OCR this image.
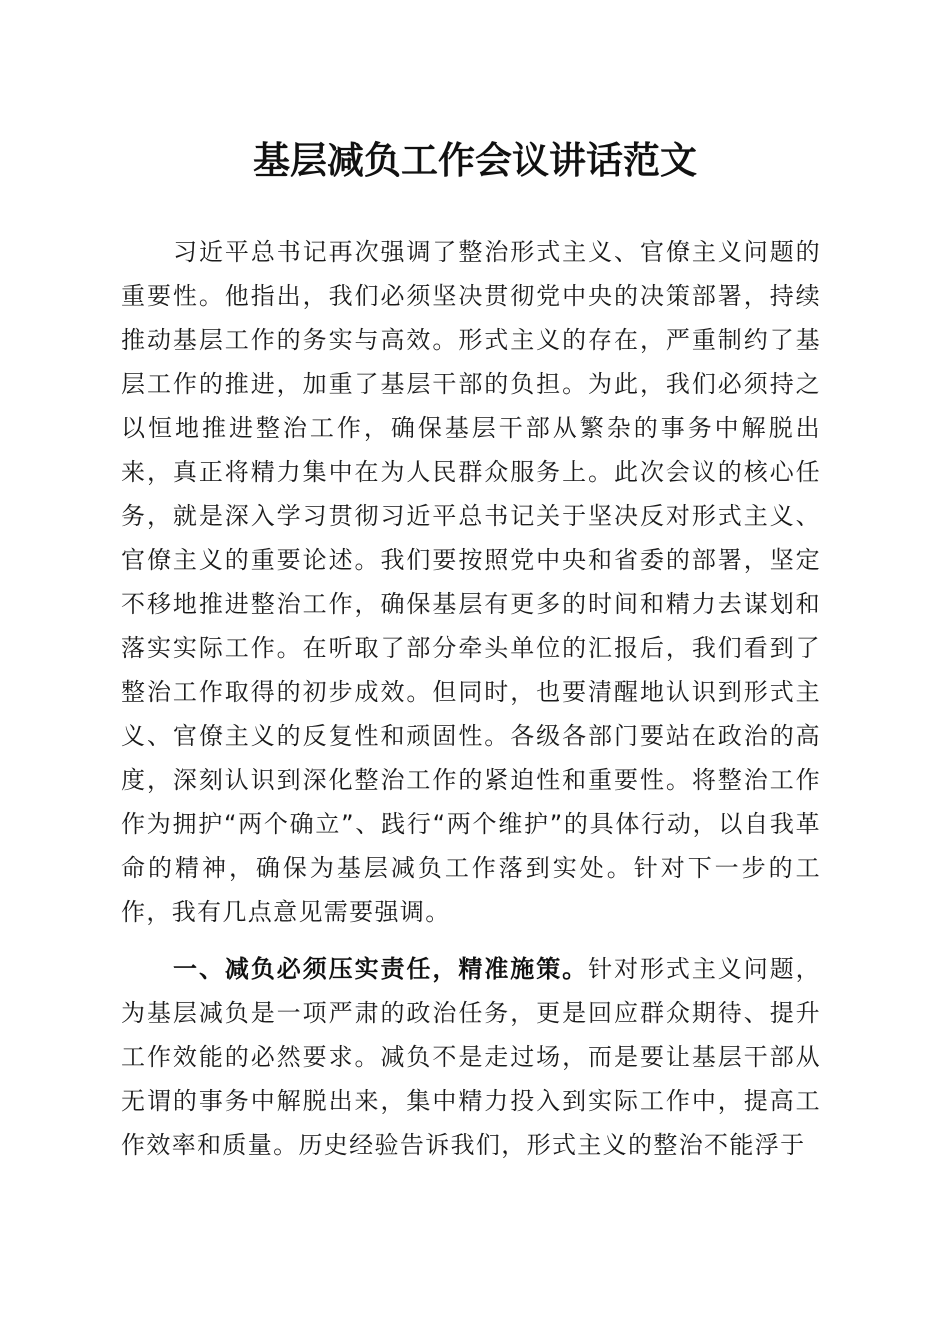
基层减负工作会议讲话范文

习近平总书记再次强调了整治形式主义、官僚主义问题的重要性。他指出，我们必须坚决贯彻党中央的决策部署，持续推动基层工作的务实与高效。形式主义的存在，严重制约了基层工作的推进，加重了基层干部的负担。为此，我们必须持之以恒地推进整治工作，确保基层干部从繁杂的事务中解脱出来，真正将精力集中在为人民群众服务上。此次会议的核心任务，就是深入学习贯彻习近平总书记关于坚决反对形式主义、官僚主义的重要论述。我们要按照党中央和省委的部署，坚定不移地推进整治工作，确保基层有更多的时间和精力去谋划和落实实际工作。在听取了部分牵头单位的汇报后，我们看到了整治工作取得的初步成效。但同时，也要清醒地认识到形式主义、官僚主义的反复性和顽固性。各级各部门要站在政治的高度，深刻认识到深化整治工作的紧迫性和重要性。将整治工作作为拥护“两个确立”、践行“两个维护”的具体行动，以自我革命的精神，确保为基层减负工作落到实处。针对下一步的工作，我有几点意见需要强调。

一、减负必须压实责任，精准施策。针对形式主义问题，为基层减负是一项严肃的政治任务，更是回应群众期待、提升工作效能的必然要求。减负不是走过场，而是要让基层干部从无谓的事务中解脱出来，集中精力投入到实际工作中，提高工作效率和质量。历史经验告诉我们，形式主义的整治不能浮于
